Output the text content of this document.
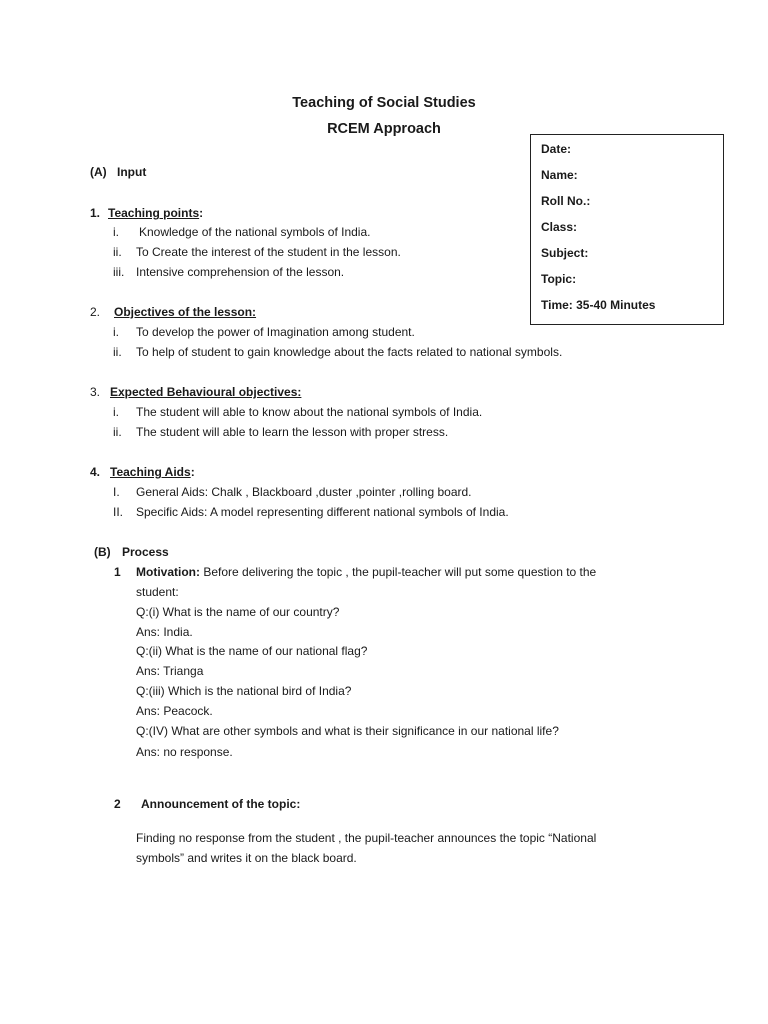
Teaching of Social Studies
RCEM Approach
Date:
Name:
Roll No.:
Class:
Subject:
Topic:
Time: 35-40 Minutes
(A) Input
1. Teaching points:
i. Knowledge of the national symbols of India.
ii. To Create the interest of the student in the lesson.
iii. Intensive comprehension of the lesson.
2. Objectives of the lesson:
i. To develop the power of Imagination among student.
ii. To help of student to gain knowledge about the facts related to national symbols.
3. Expected Behavioural objectives:
i. The student will able to know about the national symbols of India.
ii. The student will able to learn the lesson with proper stress.
4. Teaching Aids:
I. General Aids: Chalk , Blackboard ,duster ,pointer ,rolling board.
II. Specific Aids: A model representing different national symbols of India.
(B) Process
1 Motivation: Before delivering the topic , the pupil-teacher will put some question to the
student:
Q:(i) What is the name of our country?
Ans: India.
Q:(ii) What is the name of our national flag?
Ans: Trianga
Q:(iii) Which is the national bird of India?
Ans: Peacock.
Q:(IV) What are other symbols and what is their significance in our national life?
Ans: no response.
2 Announcement of the topic:
Finding no response from the student , the pupil-teacher announces the topic “National
symbols” and writes it on the black board.
